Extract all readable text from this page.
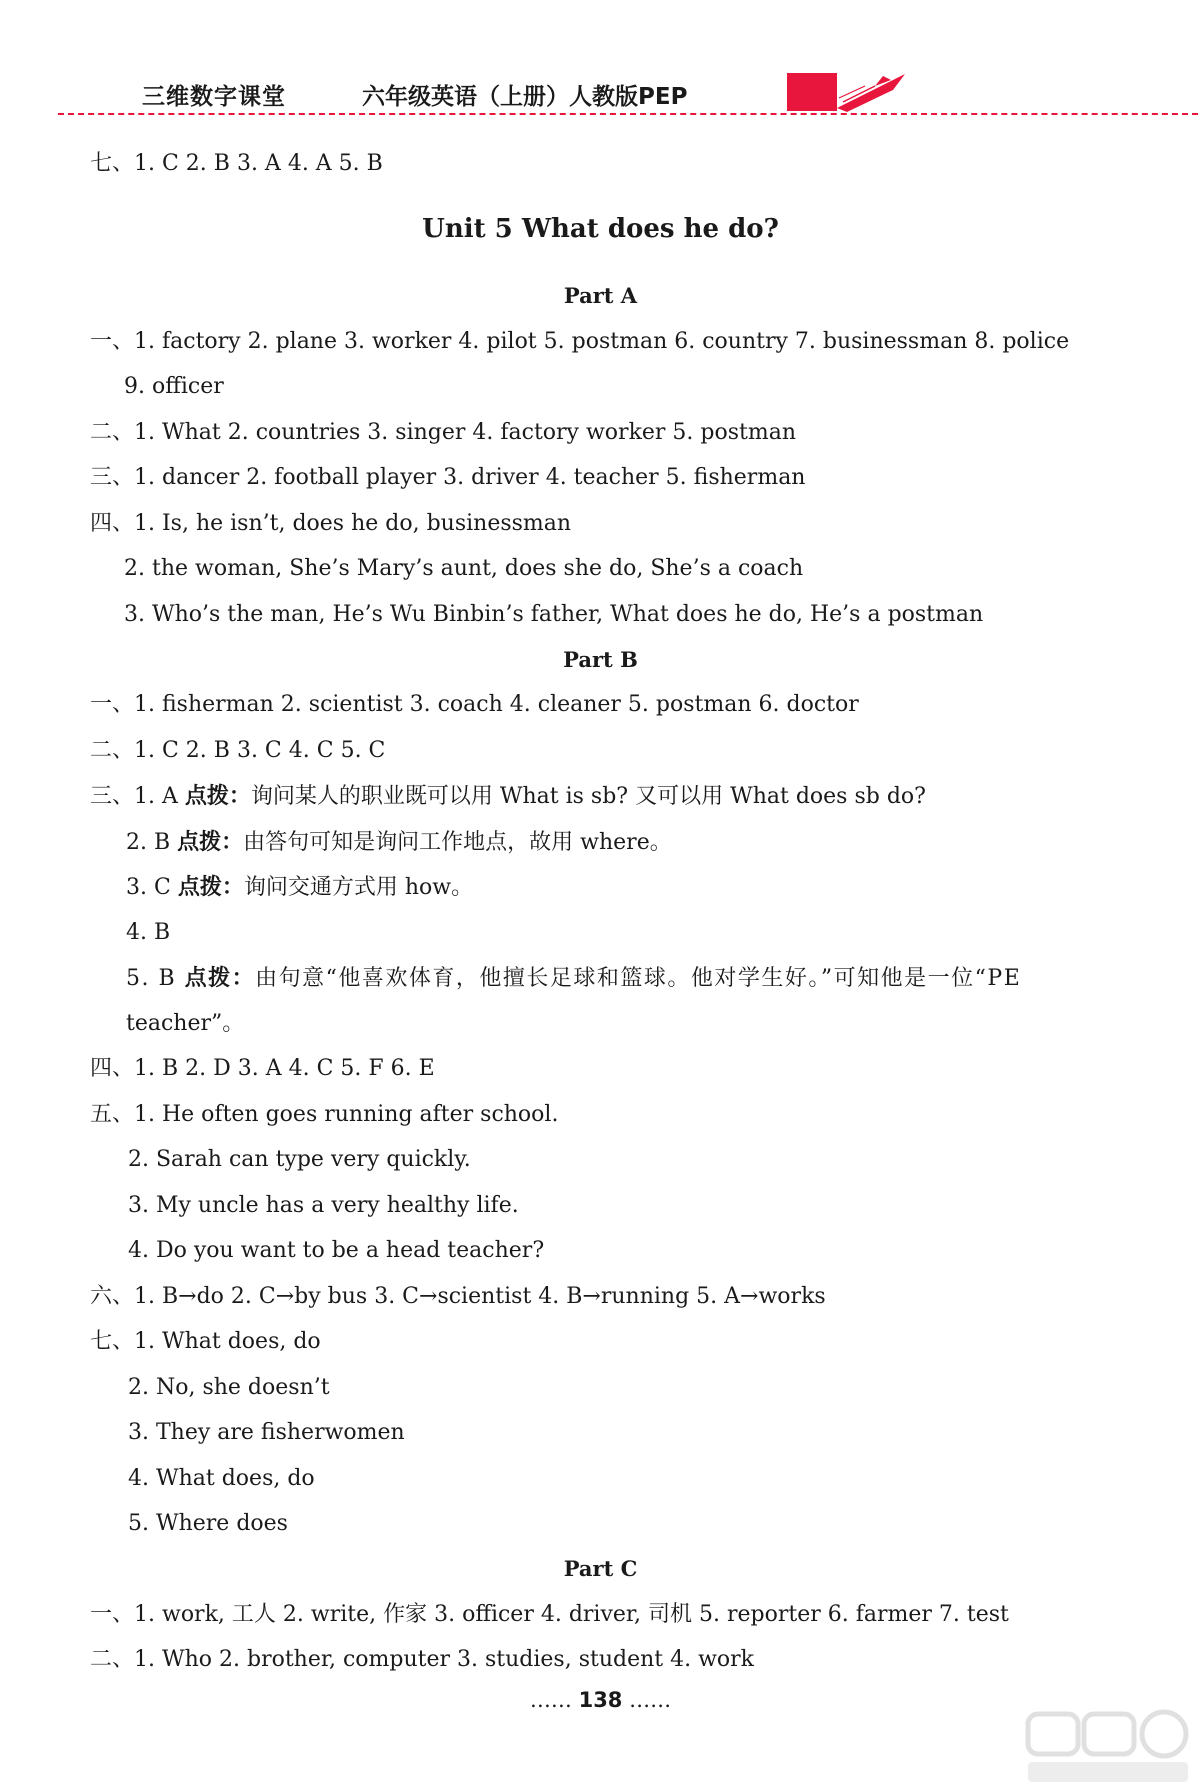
三维数字课堂	六年级英语（上册）人教版PEP
七、1. C 2. B 3. A 4. A 5. B
Unit 5 What does he do?
Part A
一、1. factory 2. plane 3. worker 4. pilot 5. postman 6. country 7. businessman 8. police
9. officer
二、1. What 2. countries 3. singer 4. factory worker 5. postman
三、1. dancer 2. football player 3. driver 4. teacher 5. fisherman
四、1. Is, he isn’t, does he do, businessman
2. the woman, She’s Mary’s aunt, does she do, She’s a coach
3. Who’s the man, He’s Wu Binbin’s father, What does he do, He’s a postman
Part B
一、1. fisherman 2. scientist 3. coach 4. cleaner 5. postman 6. doctor
二、1. C 2. B 3. C 4. C 5. C
三、1. A 点拨：询问某人的职业既可以用 What is sb? 又可以用 What does sb do?
2. B 点拨：由答句可知是询问工作地点，故用 where。
3. C 点拨：询问交通方式用 how。
4. B
5. B 点拨：由句意“他喜欢体育，他擅长足球和篮球。他对学生好。”可知他是一位“PE
teacher”。
四、1. B 2. D 3. A 4. C 5. F 6. E
五、1. He often goes running after school.
2. Sarah can type very quickly.
3. My uncle has a very healthy life.
4. Do you want to be a head teacher?
六、1. B→do 2. C→by bus 3. C→scientist 4. B→running 5. A→works
七、1. What does, do
2. No, she doesn’t
3. They are fisherwomen
4. What does, do
5. Where does
Part C
一、1. work, 工人 2. write, 作家 3. officer 4. driver, 司机 5. reporter 6. farmer 7. test
二、1. Who 2. brother, computer 3. studies, student 4. work
…… 138 ……
